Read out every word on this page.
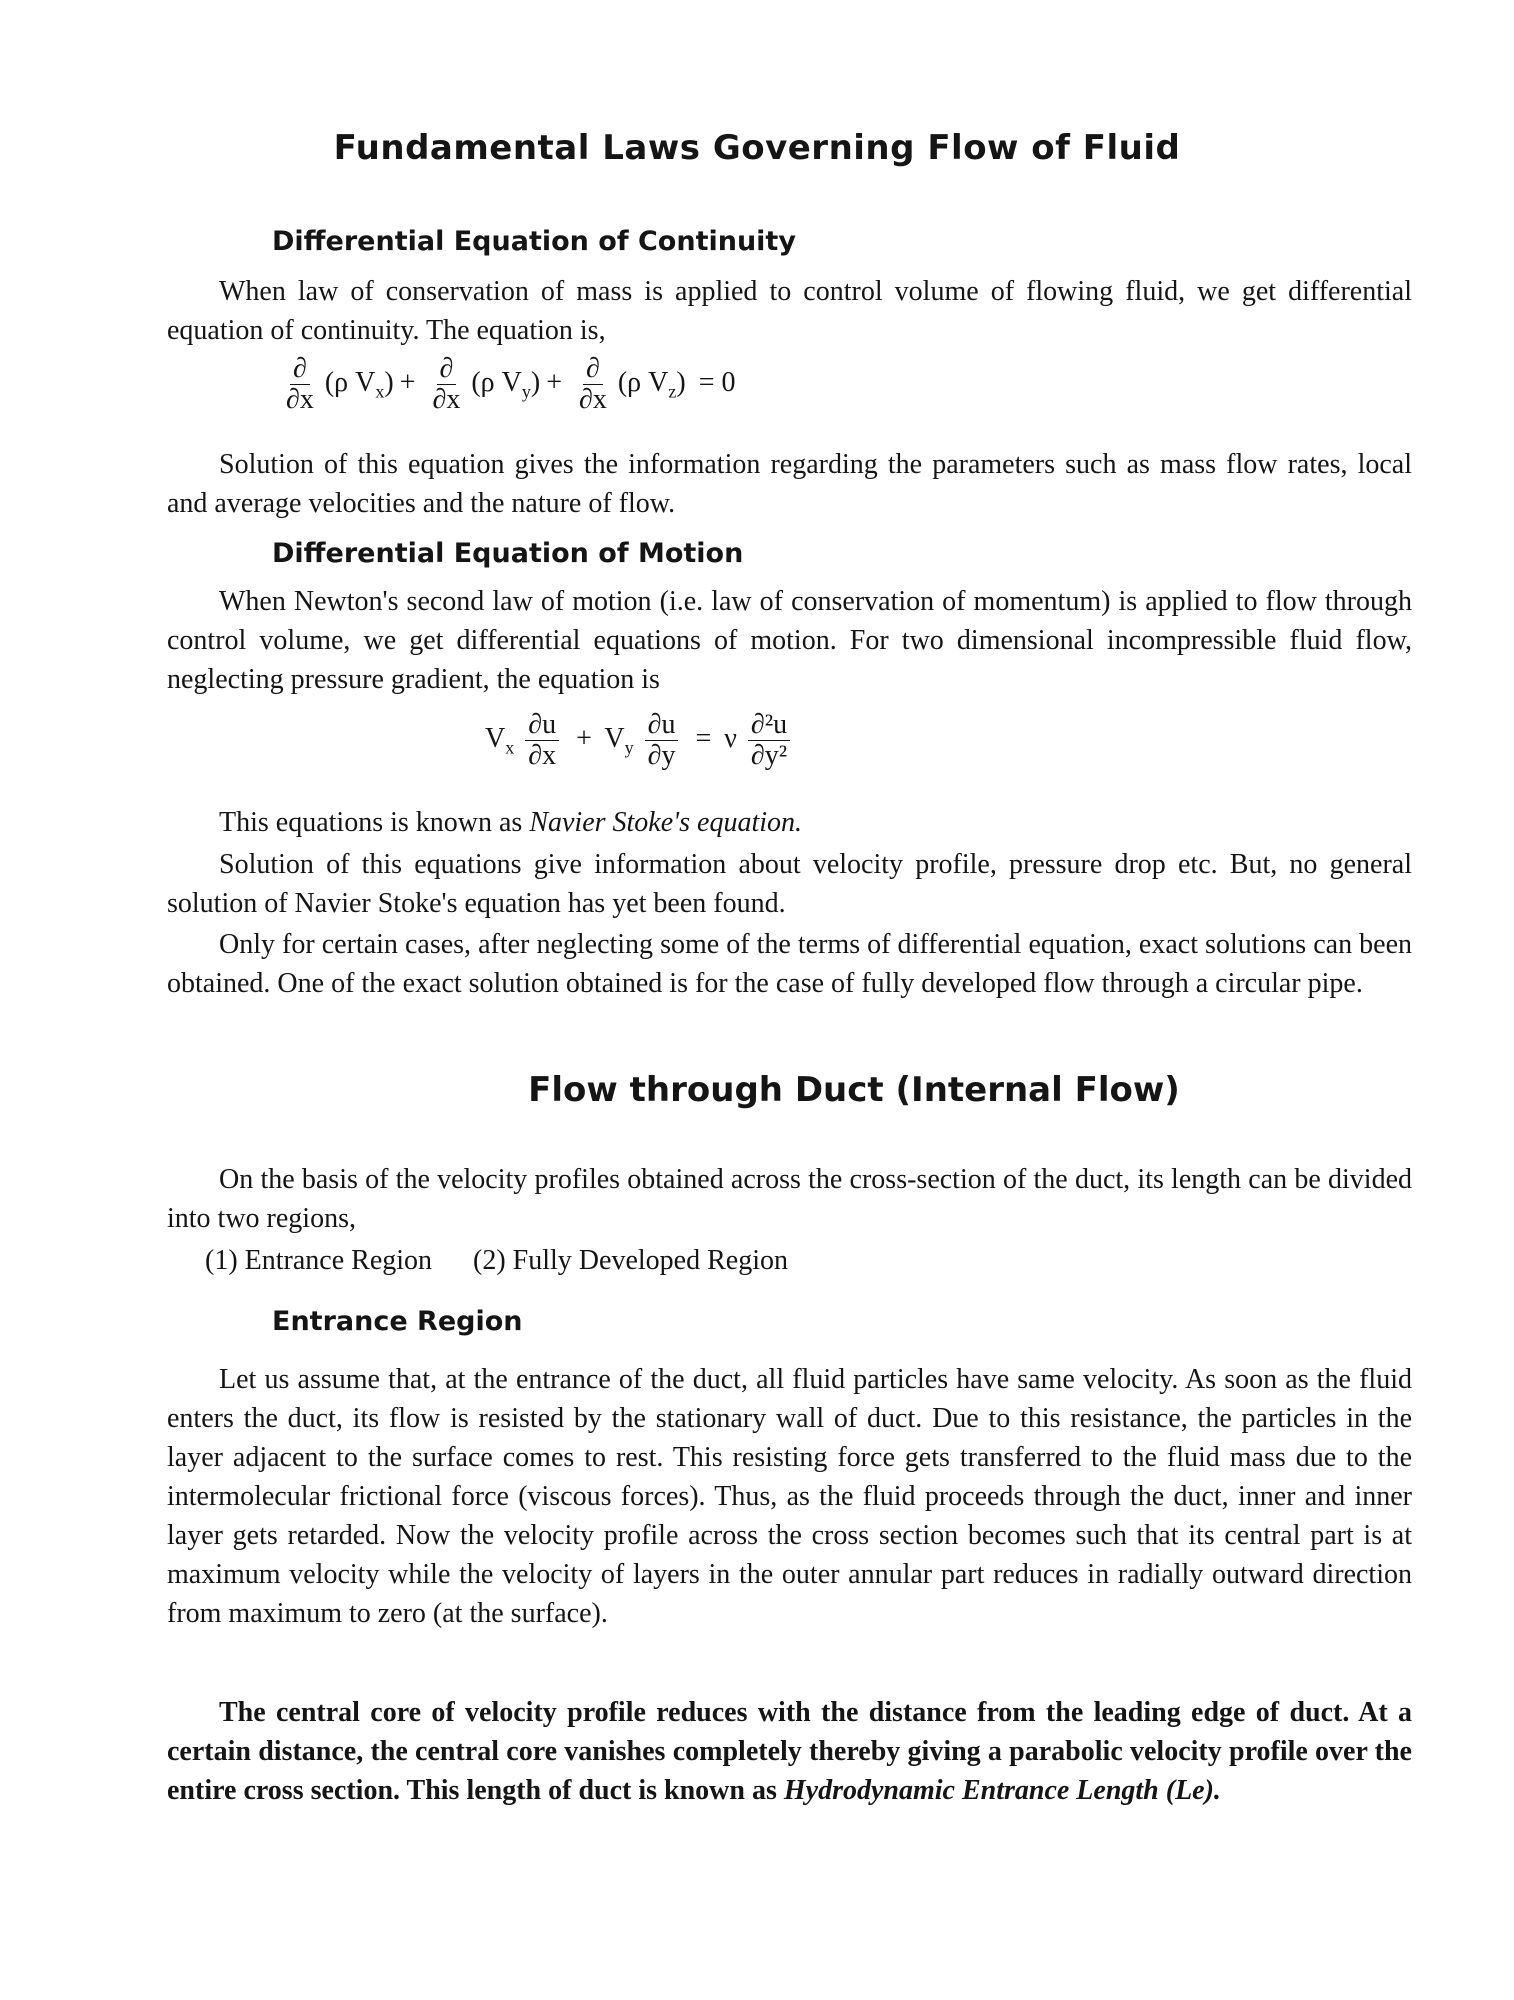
Fundamental Laws Governing Flow of Fluid
Differential Equation of Continuity
When law of conservation of mass is applied to control volume of flowing fluid, we get differential equation of continuity. The equation is,
$\frac{\partial}{\partial x} (\rho$ $V_x) + \frac{\partial}{\partial x} (\rho$ $V_y) + \frac{\partial}{\partial x} (\rho$ $V_z) = 0$
Solution of this equation gives the information regarding the parameters such as mass flow rates, local and average velocities and the nature of flow.
Differential Equation of Motion
When Newton's second law of motion (i.e. law of conservation of momentum) is applied to flow through control volume, we get differential equations of motion. For two dimensional incompressible fluid flow, neglecting pressure gradient, the equation is
$V_x \frac{\partial u}{\partial x} + V_y \frac{\partial u}{\partial y} = \nu \frac{\text{∂²u}}{\text{∂y²}}$
This equations is known as Navier Stoke's equation.
Solution of this equations give information about velocity profile, pressure drop etc. But, no general solution of Navier Stoke's equation has yet been found.
Only for certain cases, after neglecting some of the terms of differential equation, exact solutions can been obtained. One of the exact solution obtained is for the case of fully developed flow through a circular pipe.
Flow through Duct (Internal Flow)
On the basis of the velocity profiles obtained across the cross-section of the duct, its length can be divided into two regions,
(1) Entrance Region (2) Fully Developed Region
Entrance Region
Let us assume that, at the entrance of the duct, all fluid particles have same velocity. As soon as the fluid enters the duct, its flow is resisted by the stationary wall of duct. Due to this resistance, the particles in the layer adjacent to the surface comes to rest. This resisting force gets transferred to the fluid mass due to the intermolecular frictional force (viscous forces). Thus, as the fluid proceeds through the duct, inner and inner layer gets retarded. Now the velocity profile across the cross section becomes such that its central part is at maximum velocity while the velocity of layers in the outer annular part reduces in radially outward direction from maximum to zero (at the surface).
The central core of velocity profile reduces with the distance from the leading edge of duct. At a certain distance, the central core vanishes completely thereby giving a parabolic velocity profile over the entire cross section. This length of duct is known as Hydrodynamic Entrance Length (Le).
